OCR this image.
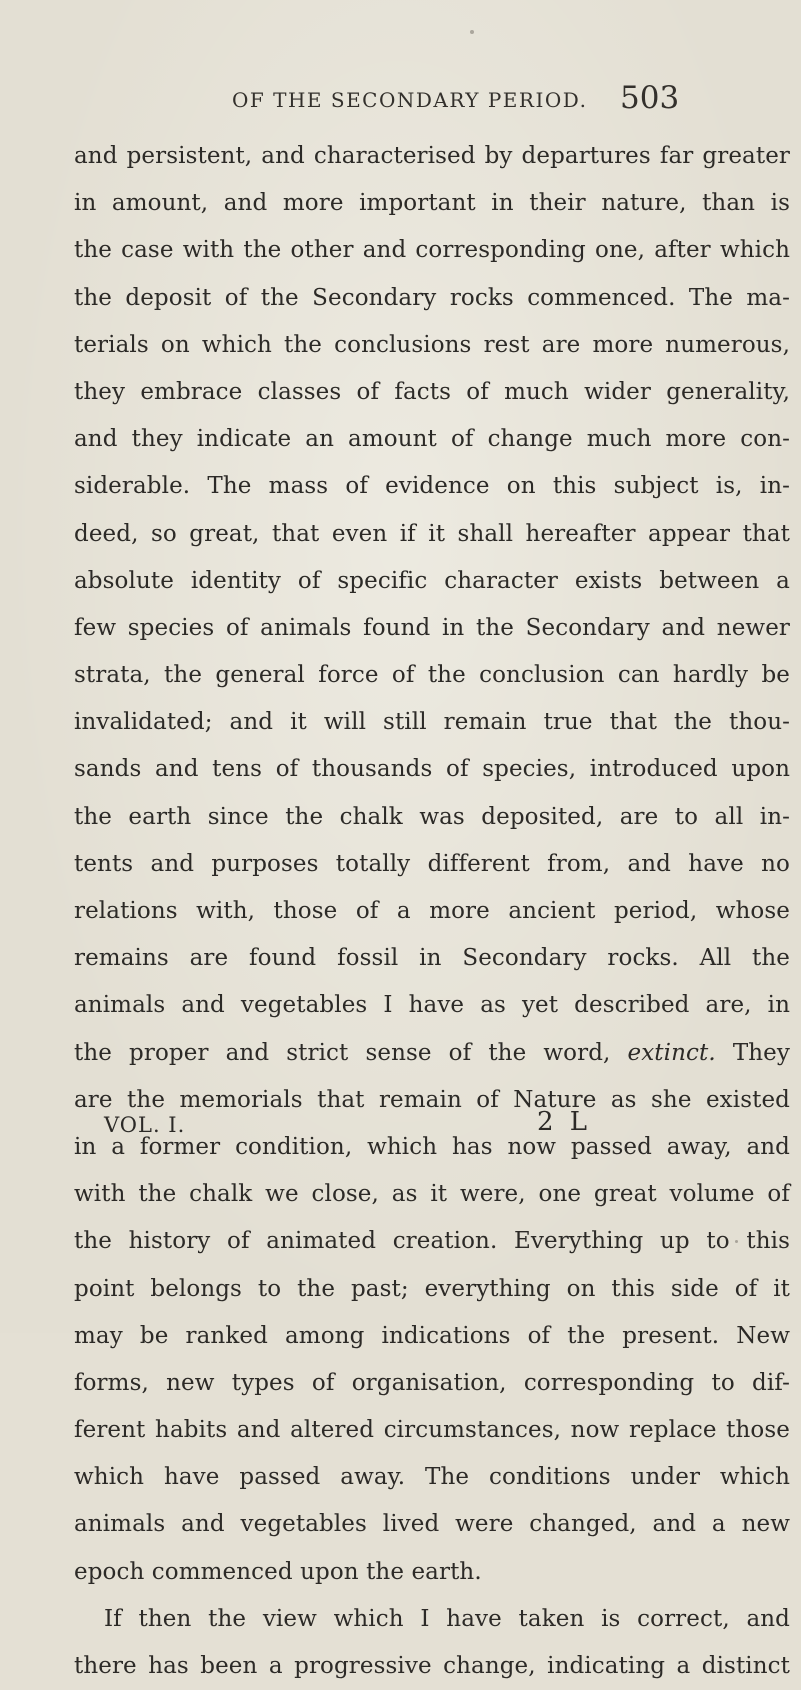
OF THE SECONDARY PERIOD. 503
and persistent, and characterised by departures far greater
in amount, and more important in their nature, than is
the case with the other and corresponding one, after which
the deposit of the Secondary rocks commenced. The ma-
terials on which the conclusions rest are more numerous,
they embrace classes of facts of much wider generality,
and they indicate an amount of change much more con-
siderable. The mass of evidence on this subject is, in-
deed, so great, that even if it shall hereafter appear that
absolute identity of specific character exists between a
few species of animals found in the Secondary and newer
strata, the general force of the conclusion can hardly be
invalidated; and it will still remain true that the thou-
sands and tens of thousands of species, introduced upon
the earth since the chalk was deposited, are to all in-
tents and purposes totally different from, and have no
relations with, those of a more ancient period, whose
remains are found fossil in Secondary rocks. All the
animals and vegetables I have as yet described are, in
the proper and strict sense of the word, extinct. They
are the memorials that remain of Nature as she existed
in a former condition, which has now passed away, and
with the chalk we close, as it were, one great volume of
the history of animated creation. Everything up to this
point belongs to the past; everything on this side of it
may be ranked among indications of the present. New
forms, new types of organisation, corresponding to dif-
ferent habits and altered circumstances, now replace those
which have passed away. The conditions under which
animals and vegetables lived were changed, and a new
epoch commenced upon the earth.
If then the view which I have taken is correct, and
there has been a progressive change, indicating a distinct
VOL. I.	2 L
